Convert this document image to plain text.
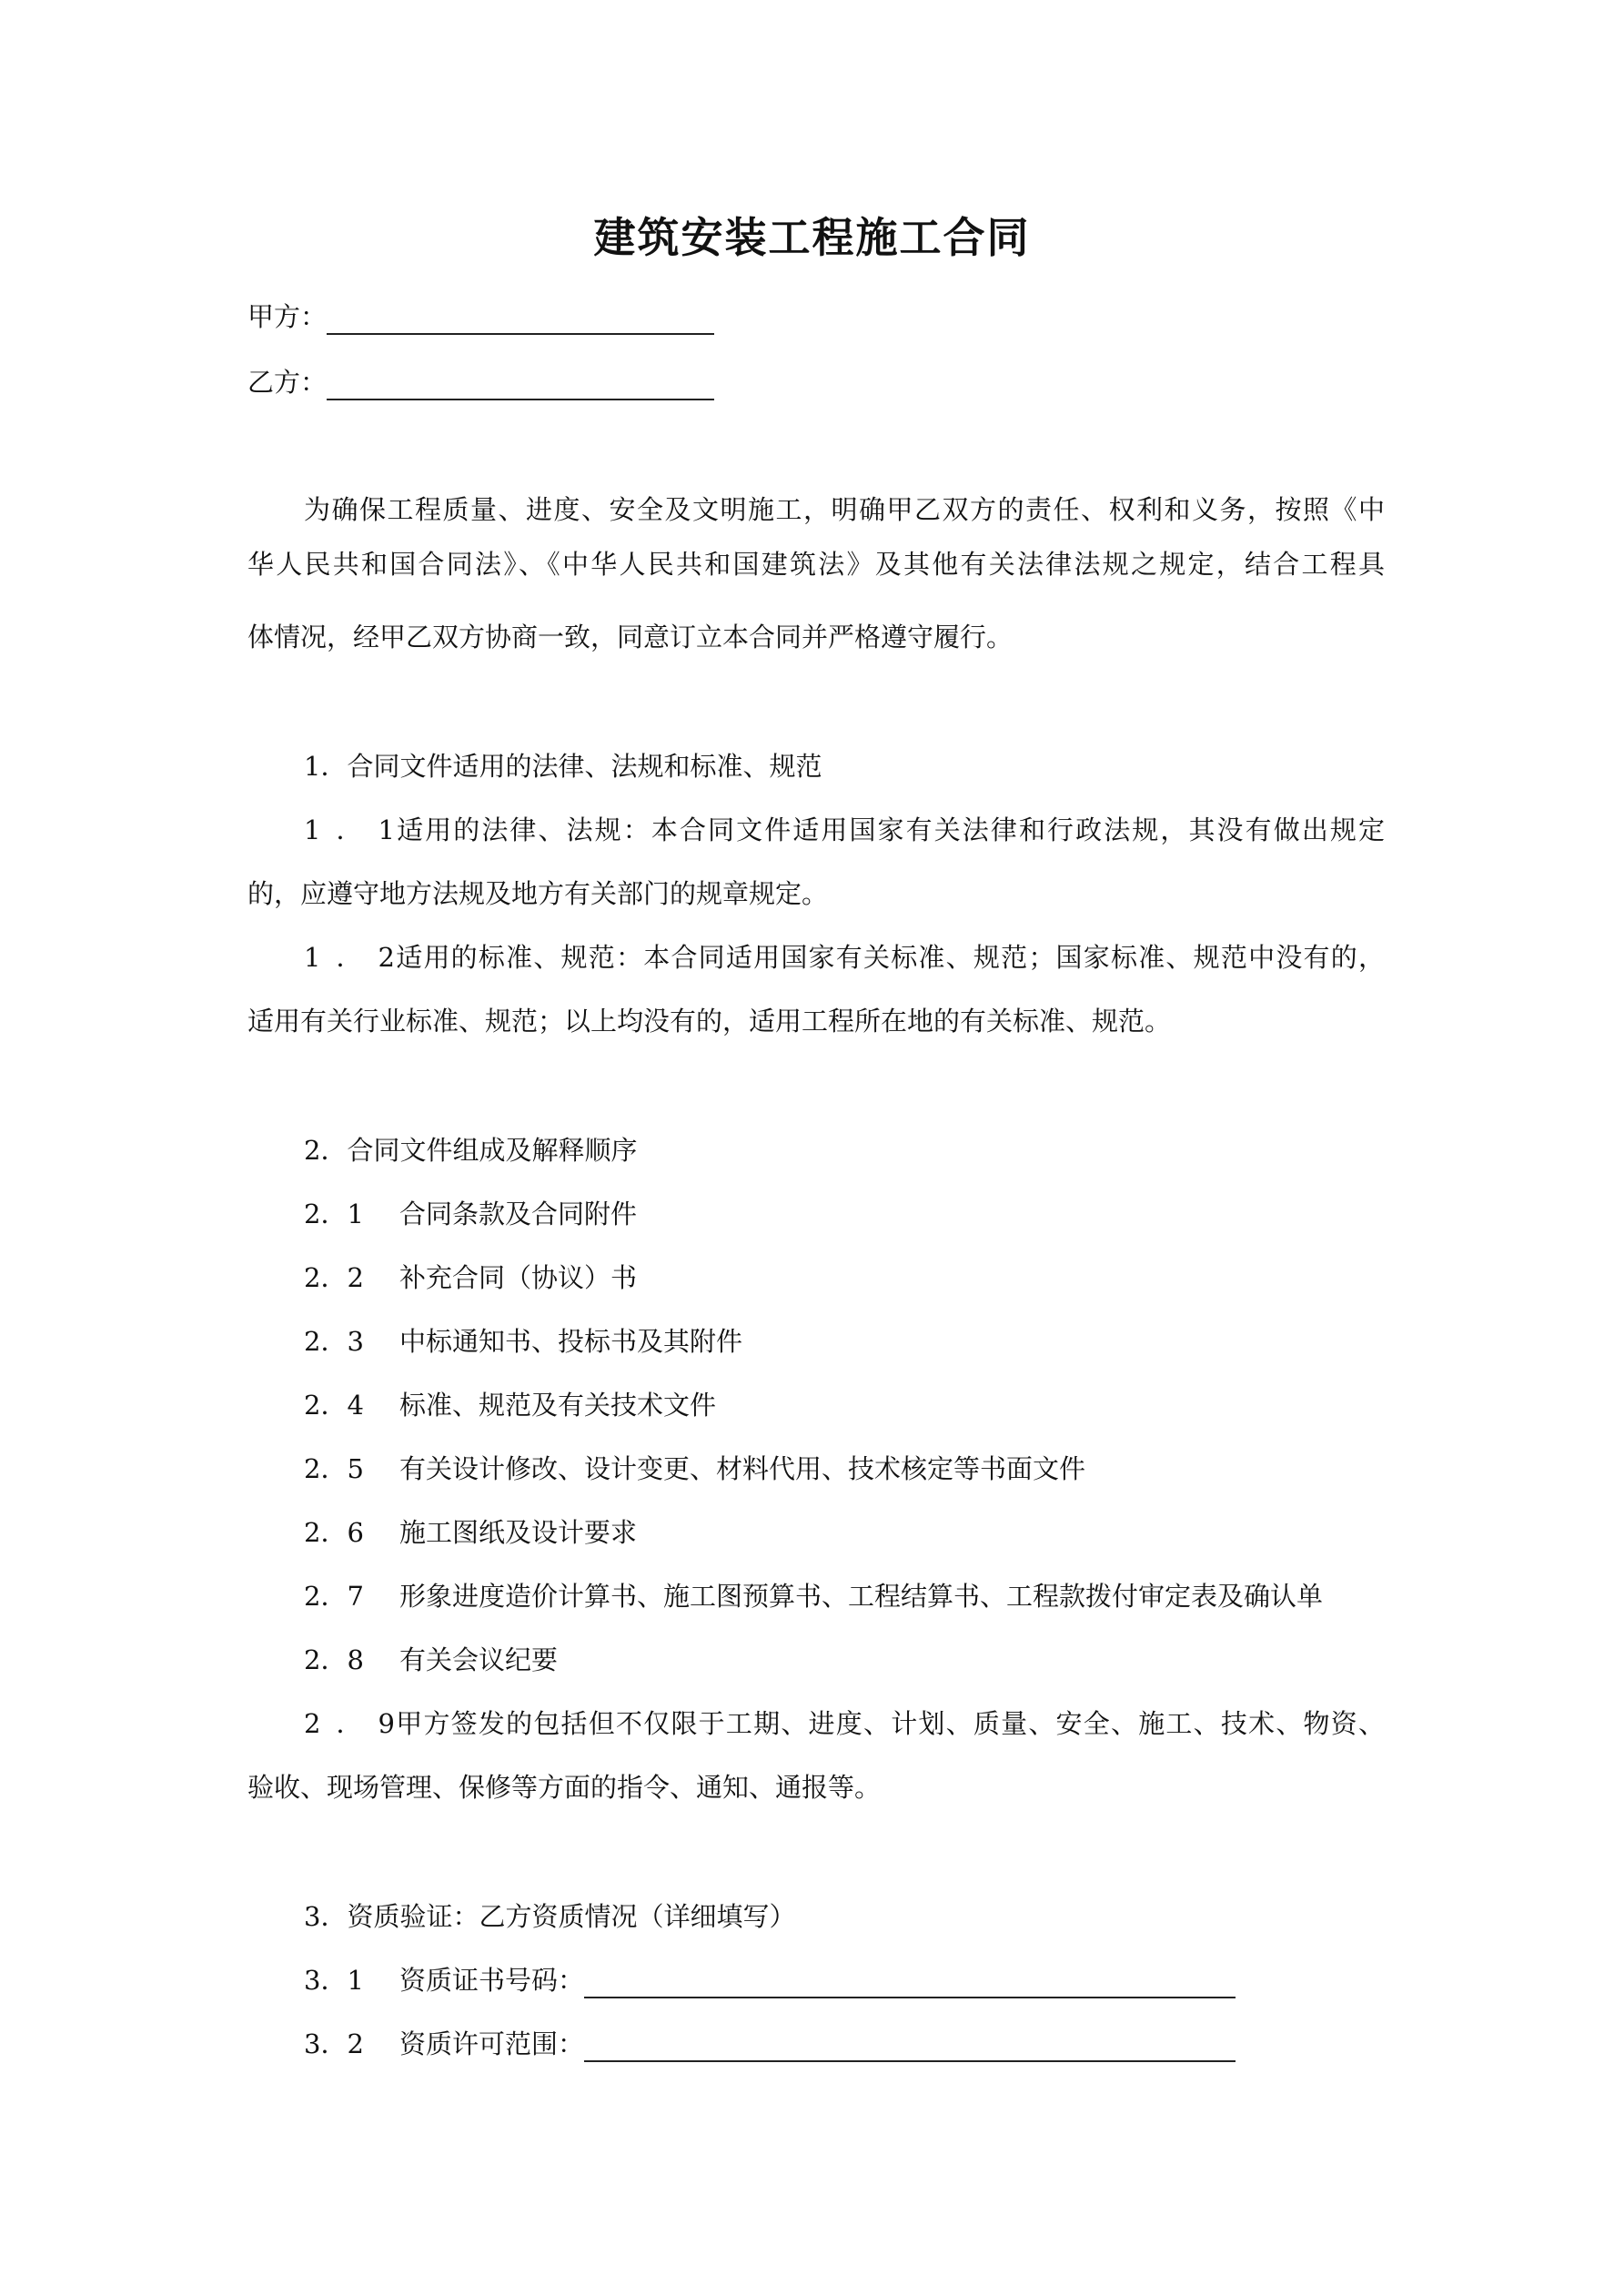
建筑安装工程施工合同
甲方：
乙方：
为确保工程质量、进度、安全及文明施工，明确甲乙双方的责任、权利和义务，按照《中
华人民共和国合同法》、《中华人民共和国建筑法》及其他有关法律法规之规定，结合工程具
体情况，经甲乙双方协商一致，同意订立本合同并严格遵守履行。
1．合同文件适用的法律、法规和标准、规范
1．1适用的法律、法规：本合同文件适用国家有关法律和行政法规，其没有做出规定
的，应遵守地方法规及地方有关部门的规章规定。
1．2适用的标准、规范：本合同适用国家有关标准、规范；国家标准、规范中没有的，
适用有关行业标准、规范；以上均没有的，适用工程所在地的有关标准、规范。
2．合同文件组成及解释顺序
2．1 合同条款及合同附件
2．2 补充合同（协议）书
2．3 中标通知书、投标书及其附件
2．4 标准、规范及有关技术文件
2．5 有关设计修改、设计变更、材料代用、技术核定等书面文件
2．6 施工图纸及设计要求
2．7 形象进度造价计算书、施工图预算书、工程结算书、工程款拨付审定表及确认单
2．8 有关会议纪要
2．9甲方签发的包括但不仅限于工期、进度、计划、质量、安全、施工、技术、物资、
验收、现场管理、保修等方面的指令、通知、通报等。
3．资质验证：乙方资质情况（详细填写）
3．1 资质证书号码：
3．2 资质许可范围：
